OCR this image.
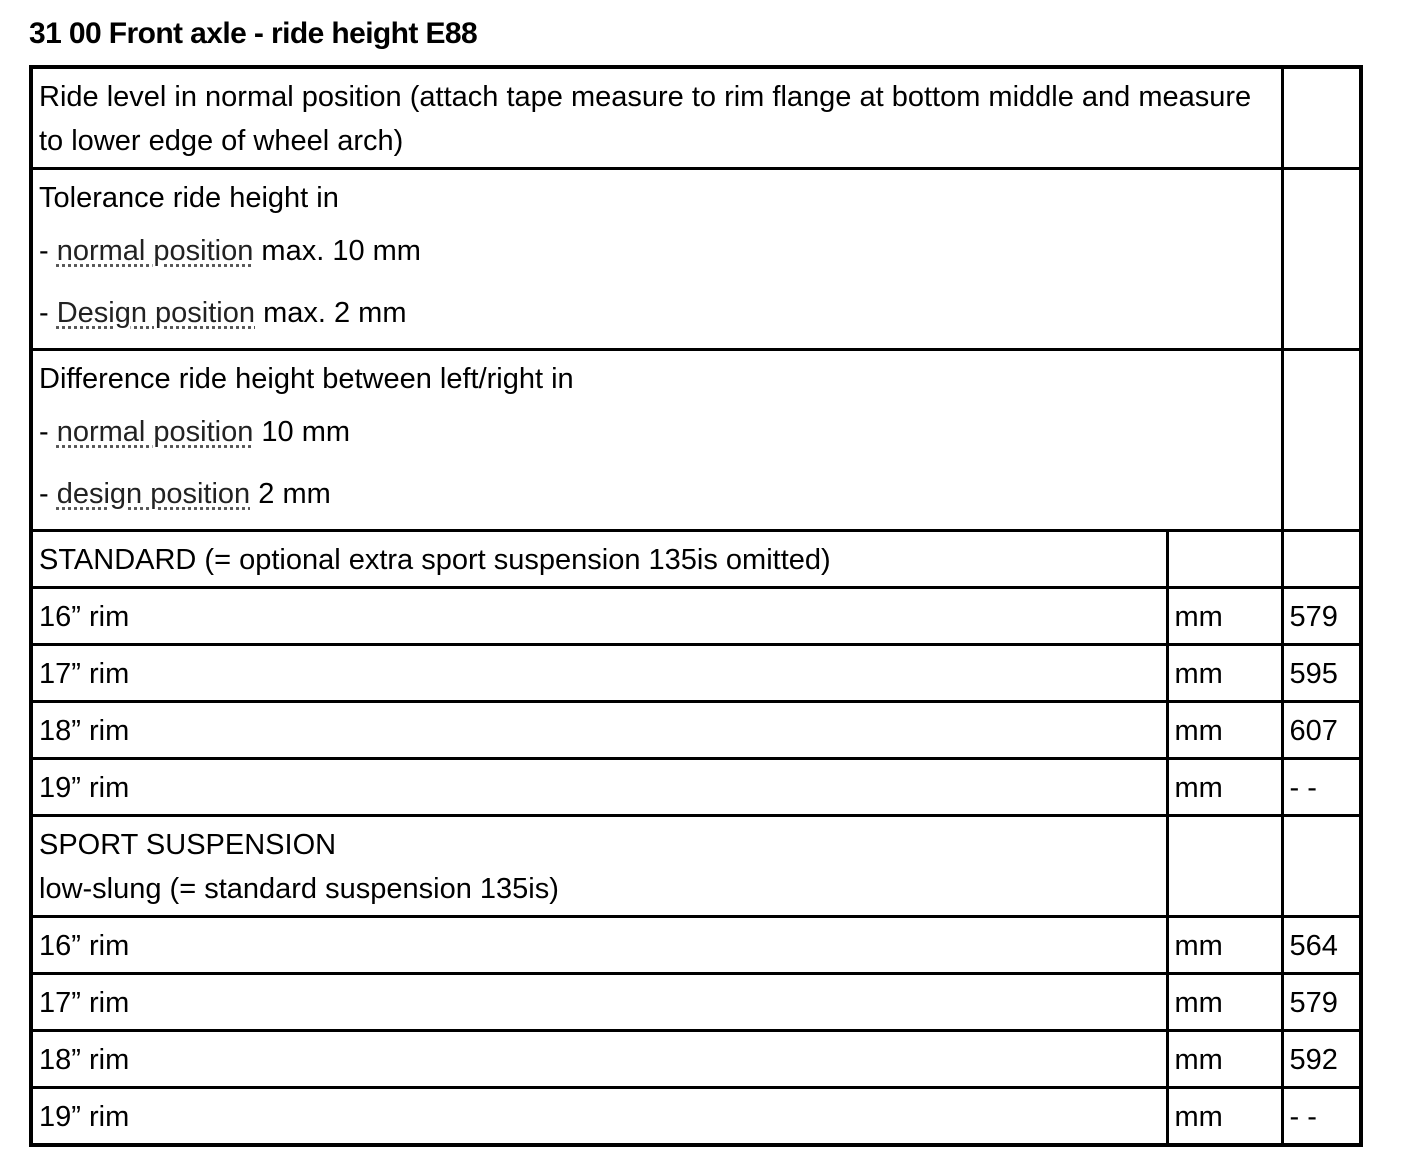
31 00 Front axle - ride height E88
Ride level in normal position (attach tape measure to rim flange at bottom middle and measure to lower edge of wheel arch)		

Tolerance ride height in

- normal position max. 10 mm

- Design position max. 2 mm		

Difference ride height between left/right in

- normal position 10 mm

- design position 2 mm		

STANDARD (= optional extra sport suspension 135is omitted)		
16” rim	mm	579
17” rim	mm	595
18” rim	mm	607
19” rim	mm	- -

SPORT SUSPENSION
low-slung (= standard suspension 135is)		

16” rim	mm	564
17” rim	mm	579
18” rim	mm	592
19” rim	mm	- -
